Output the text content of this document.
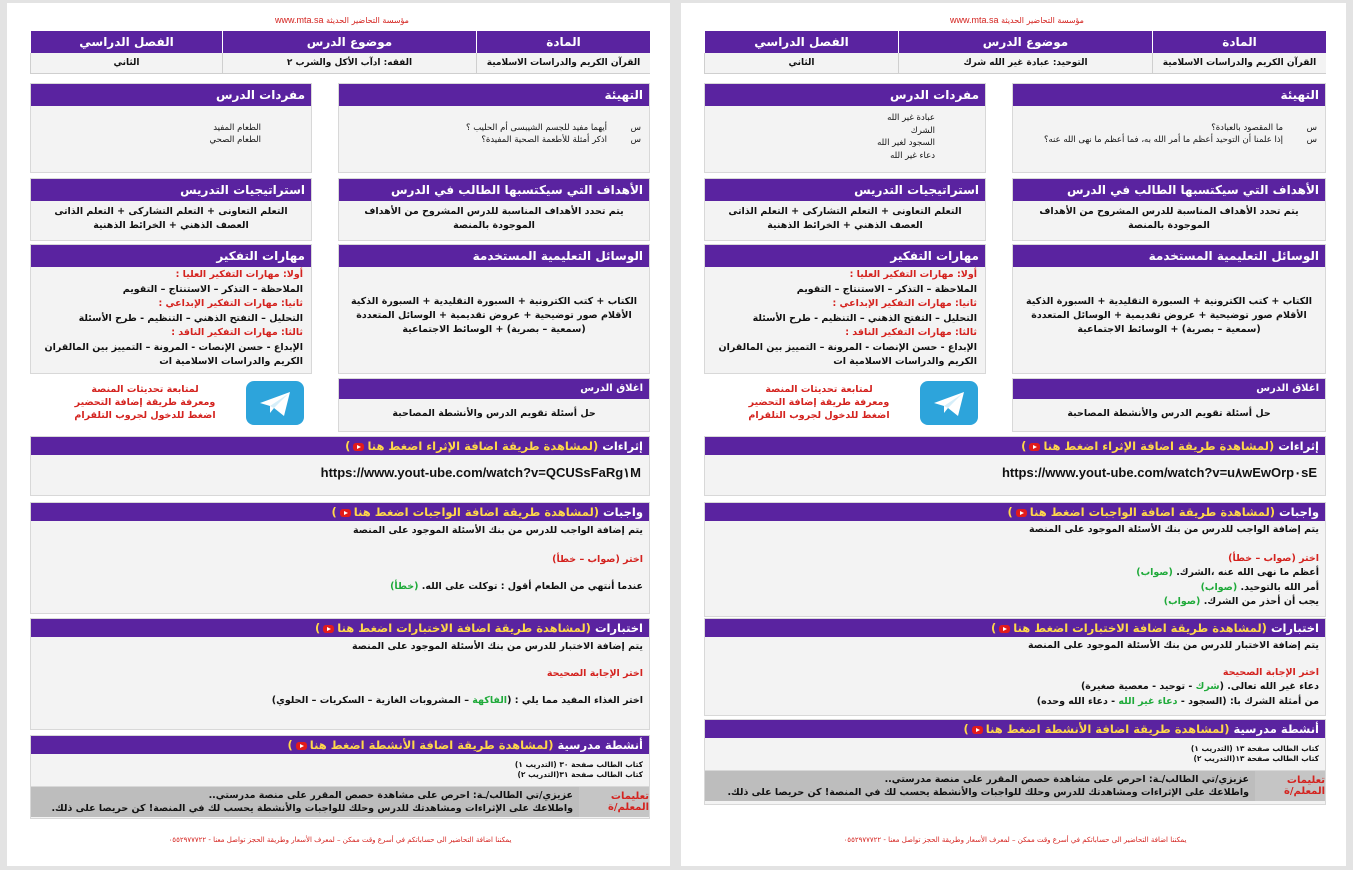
مؤسسة التحاضير الحديثة www.mta.sa
المادة
القرآن الكريم والدراسات الاسلامية
موضوع الدرس
الفقه: ادآب الأكل والشرب ٢
الفصل الدراسي
الثاني
التهيئة
س
أيهما مفيد للجسم الشيبسى أم الحليب ؟
س
اذكر أمثلة للأطعمة الصحية المفيدة؟
مفردات الدرس
الطعام المفيد
الطعام الصحي
الأهداف التي سيكتسبها الطالب في الدرس
يتم تحدد الأهداف المناسبة للدرس المشروح من الأهداف الموجودة بالمنصة
استراتيجيات التدريس
التعلم التعاونى + التعلم التشاركى + التعلم الذاتى
العصف الذهني + الخرائط الذهنية
الوسائل التعليمية المستخدمة
الكتاب + كتب الكترونية + السبورة التقليدية + السبورة الذكية
الأقلام صور توضيحية + عروض تقديمية + الوسائل المتعددة
(سمعية – بصرية) + الوسائط الاجتماعية
مهارات التفكير
أولا: مهارات التفكير العليا :
الملاحظة – التذكر – الاستنتاج – التقويم
ثانيا: مهارات التفكير الإبداعي :
التحليل – التفتح الذهني – التنظيم - طرح الأسئلة
ثالثا: مهارات التفكير الناقد :
الإبداع - حسن الإنصات - المرونة – التمييز بين المالقران الكريم والدراسات الاسلامية ات
اغلاق الدرس
حل أسئلة تقويم الدرس والأنشطة المصاحبة
لمتابعة تحديثات المنصة
ومعرفة طريقة إضافة التحضير
اضغط للدخول لجروب التلقرام
إثراءات (لمشاهدة طريقة اضافة الإثراء اضغط هنا)
https://www.yout-ube.com/watch?v=QCUSsFaRg١M
واجبات (لمشاهدة طريقة اضافة الواجبات اضغط هنا)
يتم إضافة الواجب للدرس من بنك الأسئلة الموجود على المنصة
اختر (صواب – خطأ)
عندما أنتهي من الطعام أقول : توكلت على الله. (خطأ)
اختبارات (لمشاهدة طريقة اضافة الاختبارات اضغط هنا)
يتم إضافة الاختبار للدرس من بنك الأسئلة الموجود على المنصة
اختر الإجابة الصحيحة
اختر الغذاء المفيد مما يلي : (الفاكهة – المشروبات الغازية – السكريات – الحلوي)
أنشطة مدرسية (لمشاهدة طريقة اضافة الأنشطة اضغط هنا)
كتاب الطالب صفحة ٣٠ (التدريب ١)
كتاب الطالب صفحة ٣١(التدريب ٢)
تعليمات المعلم/ة
عزيزي/تي الطالب/ـة: احرص على مشاهدة حصص المقرر على منصة مدرستي..
واطلاعك على الإثراءات ومشاهدتك للدرس وحلك للواجبات والأنشطة يحسب لك في المنصة! كن حريصا على ذلك.
يمكننا اضافة التحاضير الى حساباتكم في أسرع وقت ممكن – لمعرف الأسعار وطريقة الحجز تواصل معنا - ٠٥٥٢٩٧٧٧٢٢
مؤسسة التحاضير الحديثة www.mta.sa
المادة
القرآن الكريم والدراسات الاسلامية
موضوع الدرس
التوحيد: عبادة غير الله شرك
الفصل الدراسي
الثاني
التهيئة
س
ما المقصود بالعبادة؟
س
إذا علمنا أن التوحيد أعظم ما أمر الله به، فما أعظم ما نهى الله عنه؟
مفردات الدرس
عبادة غير الله
الشرك
السجود لغير الله
دعاء غير الله
الأهداف التي سيكتسبها الطالب في الدرس
يتم تحدد الأهداف المناسبة للدرس المشروح من الأهداف الموجودة بالمنصة
استراتيجيات التدريس
التعلم التعاونى + التعلم التشاركى + التعلم الذاتى
العصف الذهني + الخرائط الذهنية
الوسائل التعليمية المستخدمة
الكتاب + كتب الكترونية + السبورة التقليدية + السبورة الذكية
الأقلام صور توضيحية + عروض تقديمية + الوسائل المتعددة
(سمعية – بصرية) + الوسائط الاجتماعية
مهارات التفكير
أولا: مهارات التفكير العليا :
الملاحظة – التذكر – الاستنتاج – التقويم
ثانيا: مهارات التفكير الإبداعي :
التحليل – التفتح الذهني – التنظيم - طرح الأسئلة
ثالثا: مهارات التفكير الناقد :
الإبداع - حسن الإنصات - المرونة – التمييز بين المالقران الكريم والدراسات الاسلامية ات
اغلاق الدرس
حل أسئلة تقويم الدرس والأنشطة المصاحبة
لمتابعة تحديثات المنصة
ومعرفة طريقة إضافة التحضير
اضغط للدخول لجروب التلقرام
إثراءات (لمشاهدة طريقة اضافة الإثراء اضغط هنا)
https://www.yout-ube.com/watch?v=u٨wEwOrp٠sE
واجبات (لمشاهدة طريقة اضافة الواجبات اضغط هنا)
يتم إضافة الواجب للدرس من بنك الأسئلة الموجود على المنصة
اختر (صواب – خطأ)
أعظم ما نهى الله عنه ،الشرك. (صواب)
أمر الله بالتوحيد. (صواب)
يجب أن أحذر من الشرك. (صواب)
اختبارات (لمشاهدة طريقة اضافة الاختبارات اضغط هنا)
يتم إضافة الاختبار للدرس من بنك الأسئلة الموجود على المنصة
اختر الإجابة الصحيحة
دعاء غير الله تعالى. (شرك - توحيد - معصية صغيرة)
من أمثلة الشرك با: (السجود - دعاء غير الله - دعاء الله وحده)
أنشطة مدرسية (لمشاهدة طريقة اضافة الأنشطة اضغط هنا)
كتاب الطالب صفحة ١٣ (التدريب ١)
كتاب الطالب صفحة ١٣(التدريب ٢)
تعليمات المعلم/ة
عزيزي/تي الطالب/ـة: احرص على مشاهدة حصص المقرر على منصة مدرستي..
واطلاعك على الإثراءات ومشاهدتك للدرس وحلك للواجبات والأنشطة يحسب لك في المنصة! كن حريصا على ذلك.
يمكننا اضافة التحاضير الى حساباتكم في أسرع وقت ممكن – لمعرف الأسعار وطريقة الحجز تواصل معنا - ٠٥٥٢٩٧٧٧٢٢
